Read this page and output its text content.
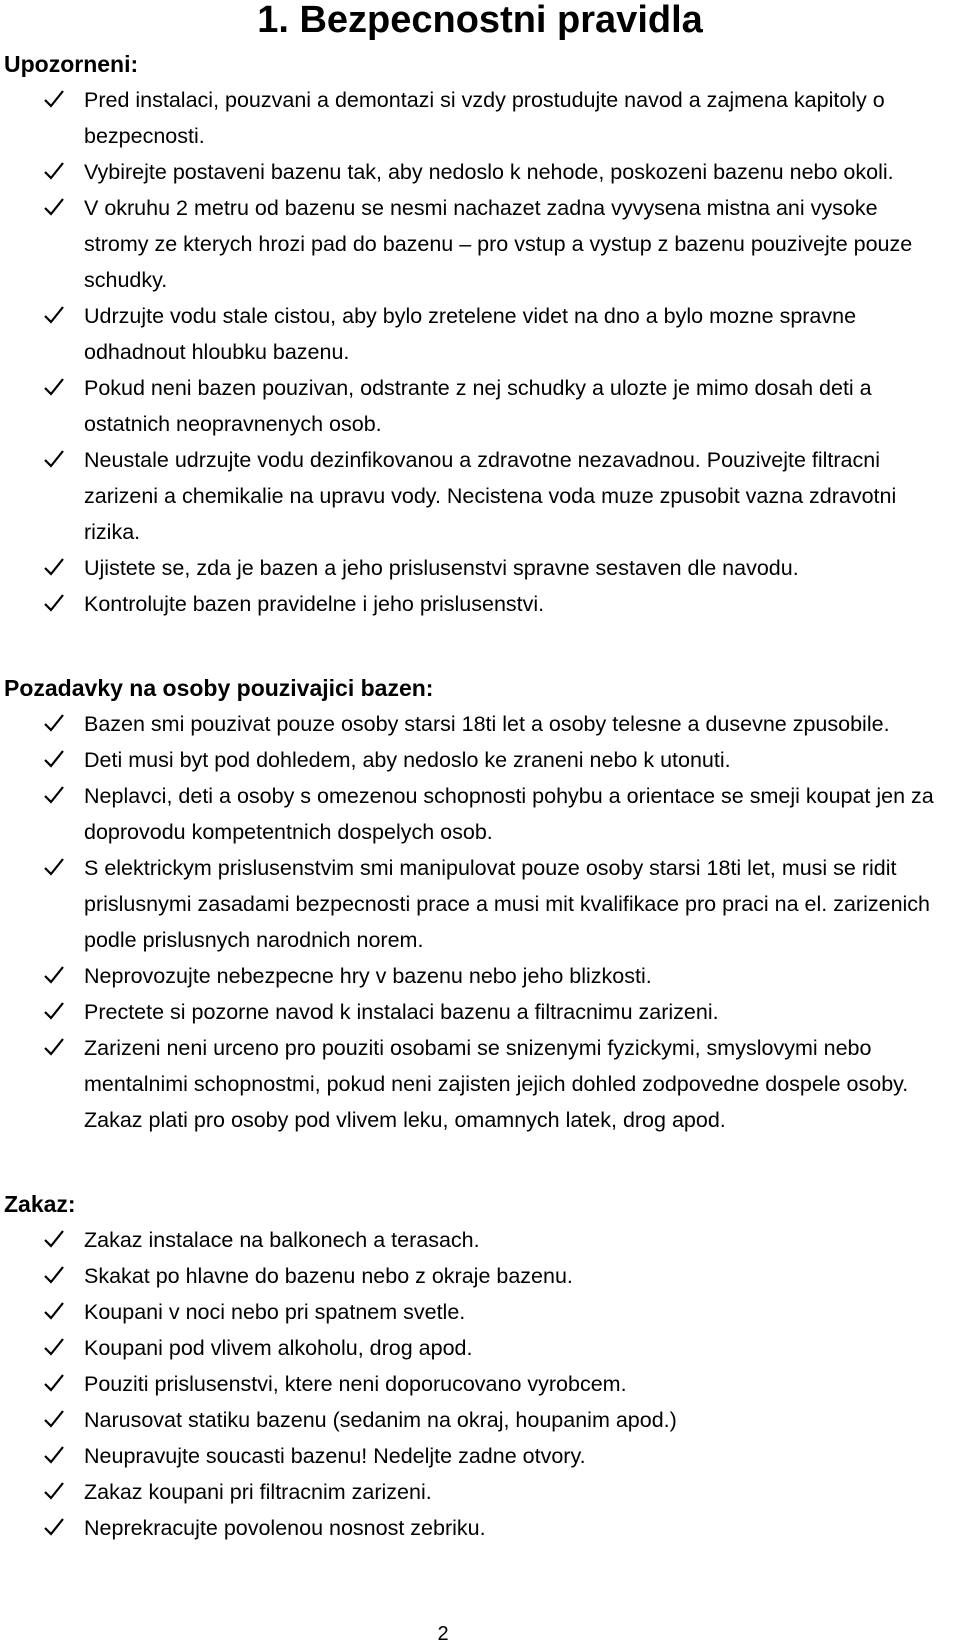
1. Bezpecnostni pravidla
Upozorneni:
Pred instalaci, pouzvani a demontazi si vzdy prostudujte navod a zajmena kapitoly o bezpecnosti.
Vybirejte postaveni bazenu tak, aby nedoslo k nehode, poskozeni bazenu nebo okoli.
V okruhu 2 metru od bazenu se nesmi nachazet zadna vyvysena mistna ani vysoke stromy ze kterych hrozi pad do bazenu – pro vstup a vystup z bazenu pouzivejte pouze schudky.
Udrzujte vodu stale cistou, aby bylo zretelene videt na dno a bylo mozne spravne odhadnout hloubku bazenu.
Pokud neni bazen pouzivan, odstrante z nej schudky a ulozte je mimo dosah deti a ostatnich neopravnenych osob.
Neustale udrzujte vodu dezinfikovanou a zdravotne nezavadnou. Pouzivejte filtracni zarizeni a chemikalie na upravu vody. Necistena voda muze zpusobit vazna zdravotni rizika.
Ujistete se, zda je bazen a jeho prislusenstvi spravne sestaven dle navodu.
Kontrolujte bazen pravidelne i jeho prislusenstvi.
Pozadavky na osoby pouzivajici bazen:
Bazen smi pouzivat pouze osoby starsi 18ti let a osoby telesne a dusevne zpusobile.
Deti musi byt pod dohledem, aby nedoslo ke zraneni nebo k utonuti.
Neplavci, deti a osoby s omezenou schopnosti pohybu a orientace se smeji koupat jen za doprovodu kompetentnich dospelych osob.
S elektrickym prislusenstvim smi manipulovat pouze osoby starsi 18ti let, musi se ridit prislusnymi zasadami bezpecnosti prace a musi mit kvalifikace pro praci na el. zarizenich podle prislusnych narodnich norem.
Neprovozujte nebezpecne hry v bazenu nebo jeho blizkosti.
Prectete si pozorne navod k instalaci bazenu a filtracnimu zarizeni.
Zarizeni neni urceno pro pouziti osobami se snizenymi fyzickymi, smyslovymi nebo mentalnimi schopnostmi, pokud neni zajisten jejich dohled zodpovedne dospele osoby. Zakaz plati pro osoby pod vlivem leku, omamnych latek, drog apod.
Zakaz:
Zakaz instalace na balkonech a terasach.
Skakat po hlavne do bazenu nebo z okraje bazenu.
Koupani v noci nebo pri spatnem svetle.
Koupani pod vlivem alkoholu, drog apod.
Pouziti prislusenstvi, ktere neni doporucovano vyrobcem.
Narusovat statiku bazenu (sedanim na okraj, houpanim apod.)
Neupravujte soucasti bazenu! Nedeljte zadne otvory.
Zakaz koupani pri filtracnim zarizeni.
Neprekracujte povolenou nosnost zebriku.
2
